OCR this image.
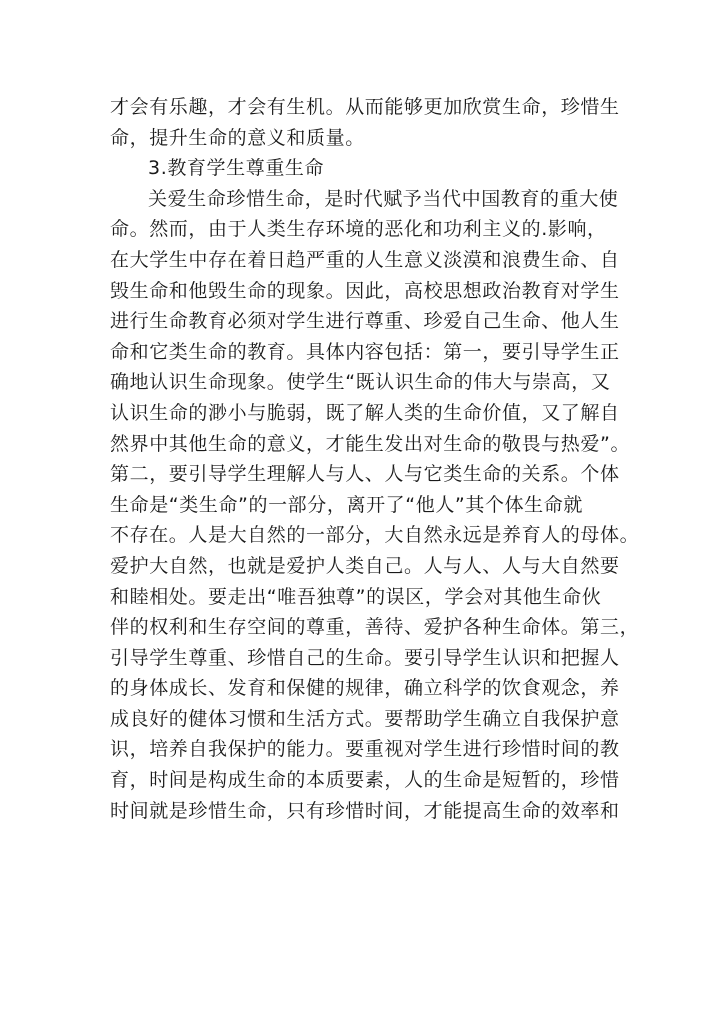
才会有乐趣，才会有生机。从而能够更加欣赏生命，珍惜生
命，提升生命的意义和质量。
3.教育学生尊重生命
关爱生命珍惜生命，是时代赋予当代中国教育的重大使
命。然而，由于人类生存环境的恶化和功利主义的.影响，
在大学生中存在着日趋严重的人生意义淡漠和浪费生命、自
毁生命和他毁生命的现象。因此，高校思想政治教育对学生
进行生命教育必须对学生进行尊重、珍爱自己生命、他人生
命和它类生命的教育。具体内容包括：第一，要引导学生正
确地认识生命现象。使学生“既认识生命的伟大与崇高，又
认识生命的渺小与脆弱，既了解人类的生命价值，又了解自
然界中其他生命的意义，才能生发出对生命的敬畏与热爱”。
第二，要引导学生理解人与人、人与它类生命的关系。个体
生命是“类生命”的一部分，离开了“他人”其个体生命就
不存在。人是大自然的一部分，大自然永远是养育人的母体。
爱护大自然，也就是爱护人类自己。人与人、人与大自然要
和睦相处。要走出“唯吾独尊”的误区，学会对其他生命伙
伴的权利和生存空间的尊重，善待、爱护各种生命体。第三，
引导学生尊重、珍惜自己的生命。要引导学生认识和把握人
的身体成长、发育和保健的规律，确立科学的饮食观念，养
成良好的健体习惯和生活方式。要帮助学生确立自我保护意
识，培养自我保护的能力。要重视对学生进行珍惜时间的教
育，时间是构成生命的本质要素，人的生命是短暂的，珍惜
时间就是珍惜生命，只有珍惜时间，才能提高生命的效率和
